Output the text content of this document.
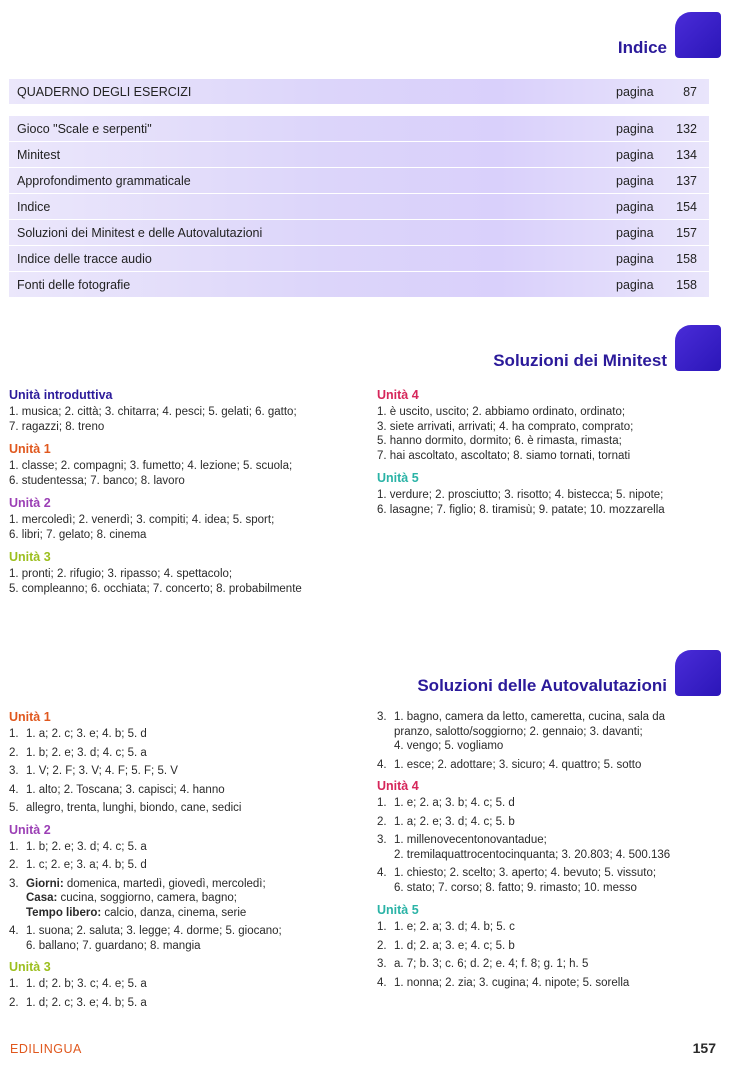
Indice
QUADERNO DEGLI ESERCIZI	pagina 87
Gioco "Scale e serpenti"	pagina 132
Minitest	pagina 134
Approfondimento grammaticale	pagina 137
Indice	pagina 154
Soluzioni dei Minitest e delle Autovalutazioni	pagina 157
Indice delle tracce audio	pagina 158
Fonti delle fotografie	pagina 158
Soluzioni dei Minitest
Unità introduttiva
1. musica; 2. città; 3. chitarra; 4. pesci; 5. gelati; 6. gatto;
7. ragazzi; 8. treno
Unità 1
1. classe; 2. compagni; 3. fumetto; 4. lezione; 5. scuola;
6. studentessa; 7. banco; 8. lavoro
Unità 2
1. mercoledì; 2. venerdì; 3. compiti; 4. idea; 5. sport;
6. libri; 7. gelato; 8. cinema
Unità 3
1. pronti; 2. rifugio; 3. ripasso; 4. spettacolo;
5. compleanno; 6. occhiata; 7. concerto; 8. probabilmente
Unità 4
1. è uscito, uscito; 2. abbiamo ordinato, ordinato;
3. siete arrivati, arrivati; 4. ha comprato, comprato;
5. hanno dormito, dormito; 6. è rimasta, rimasta;
7. hai ascoltato, ascoltato; 8. siamo tornati, tornati
Unità 5
1. verdure; 2. prosciutto; 3. risotto; 4. bistecca; 5. nipote;
6. lasagne; 7. figlio; 8. tiramisù; 9. patate; 10. mozzarella
Soluzioni delle Autovalutazioni
Unità 1
1. 1. a; 2. c; 3. e; 4. b; 5. d
2. 1. b; 2. e; 3. d; 4. c; 5. a
3. 1. V; 2. F; 3. V; 4. F; 5. F; 5. V
4. 1. alto; 2. Toscana; 3. capisci; 4. hanno
5. allegro, trenta, lunghi, biondo, cane, sedici
Unità 2
1. 1. b; 2. e; 3. d; 4. c; 5. a
2. 1. c; 2. e; 3. a; 4. b; 5. d
3. Giorni: domenica, martedì, giovedì, mercoledì;
Casa: cucina, soggiorno, camera, bagno;
Tempo libero: calcio, danza, cinema, serie
4. 1. suona; 2. saluta; 3. legge; 4. dorme; 5. giocano;
6. ballano; 7. guardano; 8. mangia
Unità 3
1. 1. d; 2. b; 3. c; 4. e; 5. a
2. 1. d; 2. c; 3. e; 4. b; 5. a
3. 1. bagno, camera da letto, cameretta, cucina, sala da
pranzo, salotto/soggiorno; 2. gennaio; 3. davanti;
4. vengo; 5. vogliamo
4. 1. esce; 2. adottare; 3. sicuro; 4. quattro; 5. sotto
Unità 4
1. 1. e; 2. a; 3. b; 4. c; 5. d
2. 1. a; 2. e; 3. d; 4. c; 5. b
3. 1. millenovecentonovantadue;
2. tremilaquattrocentocinquanta; 3. 20.803; 4. 500.136
4. 1. chiesto; 2. scelto; 3. aperto; 4. bevuto; 5. vissuto;
6. stato; 7. corso; 8. fatto; 9. rimasto; 10. messo
Unità 5
1. 1. e; 2. a; 3. d; 4. b; 5. c
2. 1. d; 2. a; 3. e; 4. c; 5. b
3. a. 7; b. 3; c. 6; d. 2; e. 4; f. 8; g. 1; h. 5
4. 1. nonna; 2. zia; 3. cugina; 4. nipote; 5. sorella
EDILINGUA	157
